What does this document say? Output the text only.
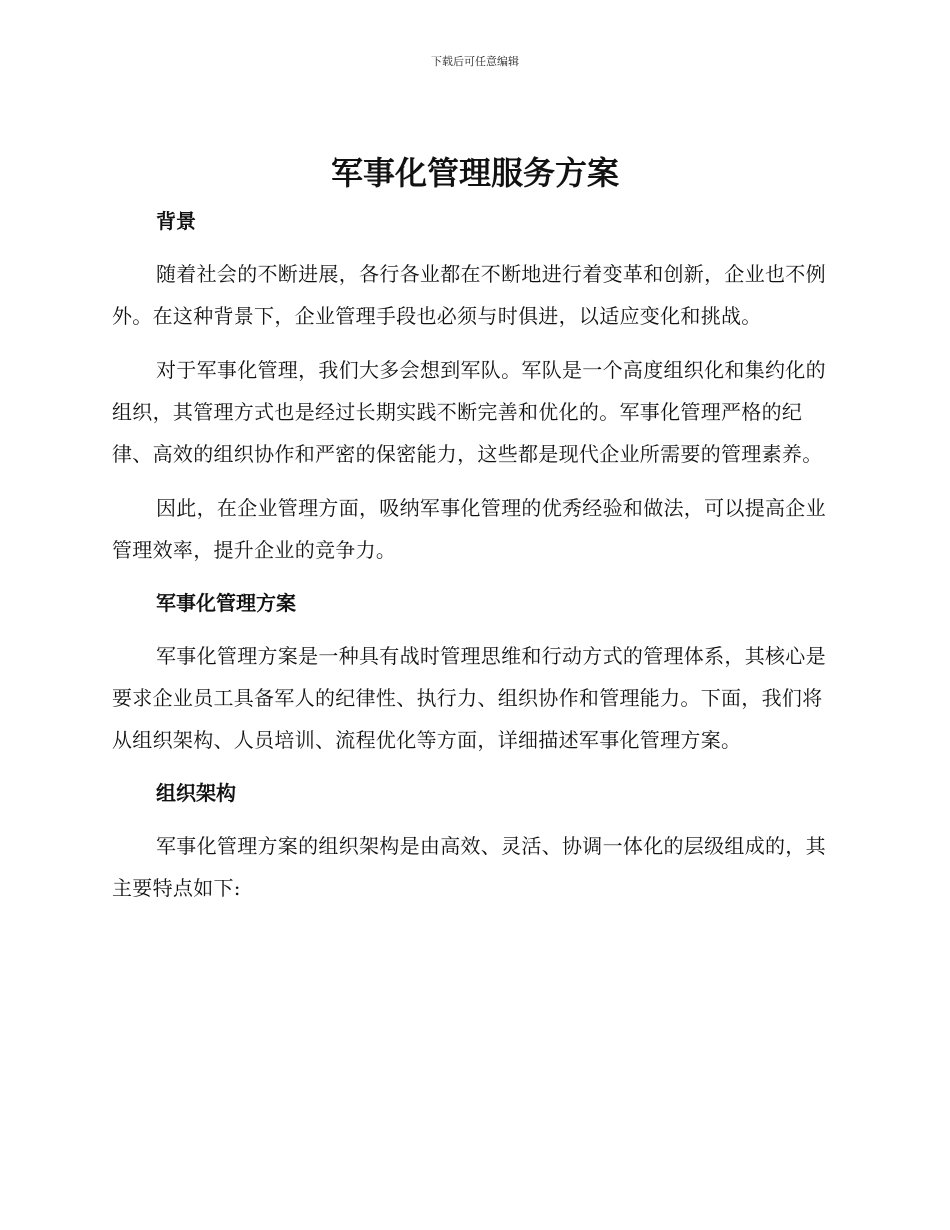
下载后可任意编辑
军事化管理服务方案
背景

随着社会的不断进展，各行各业都在不断地进行着变革和创新，企业也不例外。在这种背景下，企业管理手段也必须与时俱进，以适应变化和挑战。

对于军事化管理，我们大多会想到军队。军队是一个高度组织化和集约化的组织，其管理方式也是经过长期实践不断完善和优化的。军事化管理严格的纪律、高效的组织协作和严密的保密能力，这些都是现代企业所需要的管理素养。

因此，在企业管理方面，吸纳军事化管理的优秀经验和做法，可以提高企业管理效率，提升企业的竞争力。

军事化管理方案

军事化管理方案是一种具有战时管理思维和行动方式的管理体系，其核心是要求企业员工具备军人的纪律性、执行力、组织协作和管理能力。下面，我们将从组织架构、人员培训、流程优化等方面，详细描述军事化管理方案。

组织架构

军事化管理方案的组织架构是由高效、灵活、协调一体化的层级组成的，其主要特点如下:
